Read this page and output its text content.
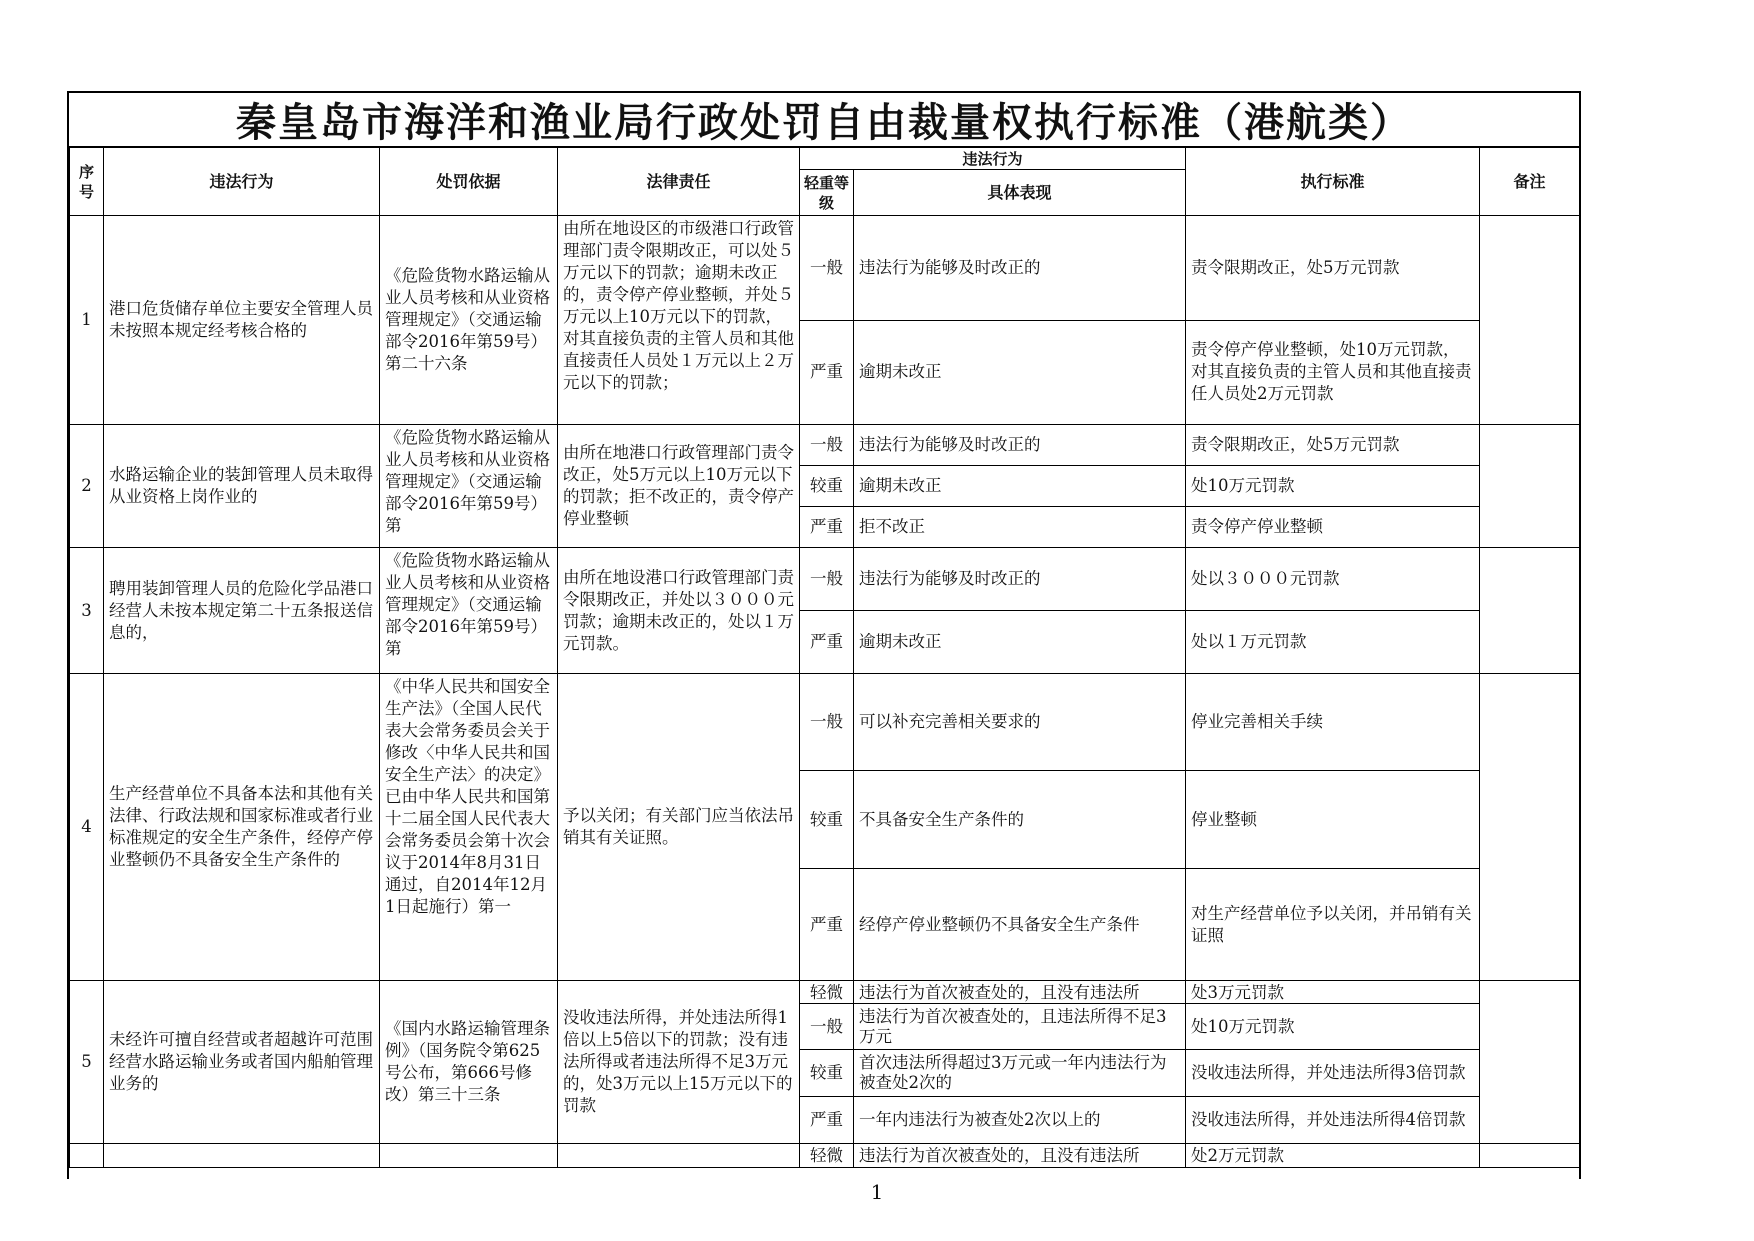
秦皇岛市海洋和渔业局行政处罚自由裁量权执行标准（港航类）
序号	违法行为	处罚依据	法律责任	违法行为		执行标准	备注
				轻重等级	具体表现		
1	港口危货储存单位主要安全管理人员未按照本规定经考核合格的	《危险货物水路运输从业人员考核和从业资格管理规定》（交通运输部令2016年第59号）第二十六条	由所在地设区的市级港口行政管理部门责令限期改正，可以处５万元以下的罚款；逾期未改正的，责令停产停业整顿，并处５万元以上10万元以下的罚款，对其直接负责的主管人员和其他直接责任人员处１万元以上２万元以下的罚款；	一般	违法行为能够及时改正的	责令限期改正，处5万元罚款	
				严重	逾期未改正	责令停产停业整顿，处10万元罚款，对其直接负责的主管人员和其他直接责任人员处2万元罚款	
2	水路运输企业的装卸管理人员未取得从业资格上岗作业的	《危险货物水路运输从业人员考核和从业资格管理规定》（交通运输部令2016年第59号）第	由所在地港口行政管理部门责令改正，处5万元以上10万元以下的罚款；拒不改正的，责令停产停业整顿	一般	违法行为能够及时改正的	责令限期改正，处5万元罚款	
				较重	逾期未改正	处10万元罚款	
				严重	拒不改正	责令停产停业整顿	
3	聘用装卸管理人员的危险化学品港口经营人未按本规定第二十五条报送信息的，	《危险货物水路运输从业人员考核和从业资格管理规定》（交通运输部令2016年第59号）第	由所在地设港口行政管理部门责令限期改正，并处以３０００元罚款；逾期未改正的，处以１万元罚款。	一般	违法行为能够及时改正的	处以３０００元罚款	
				严重	逾期未改正	处以１万元罚款	
4	生产经营单位不具备本法和其他有关法律、行政法规和国家标准或者行业标准规定的安全生产条件，经停产停业整顿仍不具备安全生产条件的	《中华人民共和国安全生产法》（全国人民代表大会常务委员会关于修改〈中华人民共和国安全生产法〉的决定》已由中华人民共和国第十二届全国人民代表大会常务委员会第十次会议于2014年8月31日通过，自2014年12月1日起施行）第一	予以关闭；有关部门应当依法吊销其有关证照。	一般	可以补充完善相关要求的	停业完善相关手续	
				较重	不具备安全生产条件的	停业整顿	
				严重	经停产停业整顿仍不具备安全生产条件	对生产经营单位予以关闭，并吊销有关证照	
5	未经许可擅自经营或者超越许可范围经营水路运输业务或者国内船舶管理业务的	《国内水路运输管理条例》（国务院令第625号公布，第666号修改）第三十三条	没收违法所得，并处违法所得1倍以上5倍以下的罚款；没有违法所得或者违法所得不足3万元的，处3万元以上15万元以下的罚款	轻微	违法行为首次被查处的，且没有违法所	处3万元罚款	
				一般	违法行为首次被查处的，且违法所得不足3万元	处10万元罚款	
				较重	首次违法所得超过3万元或一年内违法行为被查处2次的	没收违法所得，并处违法所得3倍罚款	
				严重	一年内违法行为被查处2次以上的	没收违法所得，并处违法所得4倍罚款	
				轻微	违法行为首次被查处的，且没有违法所	处2万元罚款	
1
